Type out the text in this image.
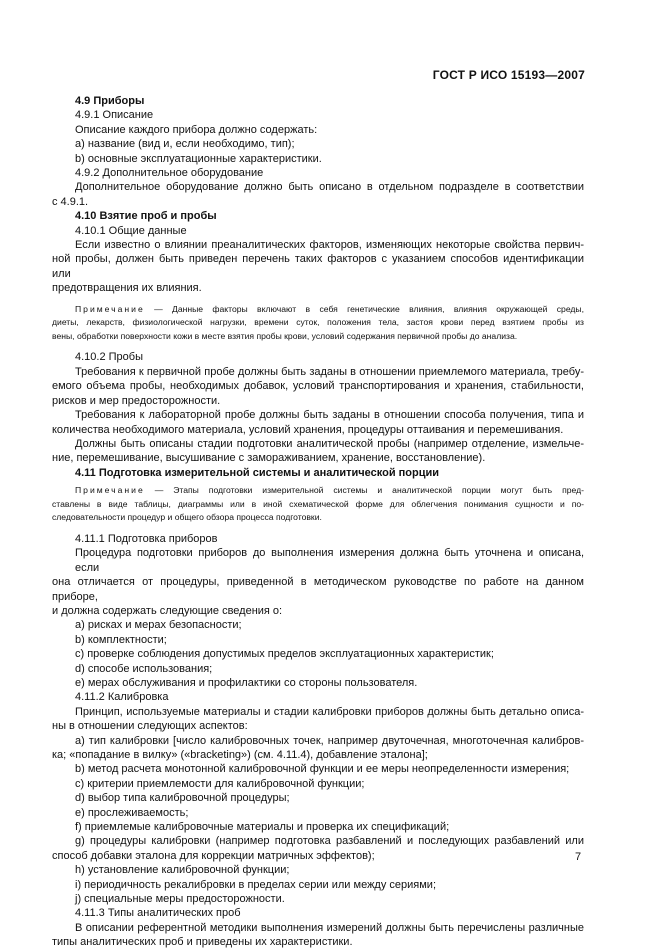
ГОСТ Р ИСО 15193—2007
4.9 Приборы
4.9.1 Описание
Описание каждого прибора должно содержать:
a) название (вид и, если необходимо, тип);
b) основные эксплуатационные характеристики.
4.9.2 Дополнительное оборудование
Дополнительное оборудование должно быть описано в отдельном подразделе в соответствии
с 4.9.1.
4.10 Взятие проб и пробы
4.10.1 Общие данные
Если известно о влиянии преаналитических факторов, изменяющих некоторые свойства первич-
ной пробы, должен быть приведен перечень таких факторов с указанием способов идентификации или
предотвращения их влияния.
Примечание — Данные факторы включают в себя генетические влияния, влияния окружающей среды,
диеты, лекарств, физиологической нагрузки, времени суток, положения тела, застоя крови перед взятием пробы из
вены, обработки поверхности кожи в месте взятия пробы крови, условий содержания первичной пробы до анализа.
4.10.2 Пробы
Требования к первичной пробе должны быть заданы в отношении приемлемого материала, требу-
емого объема пробы, необходимых добавок, условий транспортирования и хранения, стабильности,
рисков и мер предосторожности.
Требования к лабораторной пробе должны быть заданы в отношении способа получения, типа и
количества необходимого материала, условий хранения, процедуры оттаивания и перемешивания.
Должны быть описаны стадии подготовки аналитической пробы (например отделение, измельче-
ние, перемешивание, высушивание с замораживанием, хранение, восстановление).
4.11 Подготовка измерительной системы и аналитической порции
Примечание — Этапы подготовки измерительной системы и аналитической порции могут быть пред-
ставлены в виде таблицы, диаграммы или в иной схематической форме для облегчения понимания сущности и по-
следовательности процедур и общего обзора процесса подготовки.
4.11.1 Подготовка приборов
Процедура подготовки приборов до выполнения измерения должна быть уточнена и описана, если
она отличается от процедуры, приведенной в методическом руководстве по работе на данном приборе,
и должна содержать следующие сведения о:
a) рисках и мерах безопасности;
b) комплектности;
c) проверке соблюдения допустимых пределов эксплуатационных характеристик;
d) способе использования;
e) мерах обслуживания и профилактики со стороны пользователя.
4.11.2 Калибровка
Принцип, используемые материалы и стадии калибровки приборов должны быть детально описа-
ны в отношении следующих аспектов:
a) тип калибровки [число калибровочных точек, например двуточечная, многоточечная калибров-
ка; «попадание в вилку» («bracketing») (см. 4.11.4), добавление эталона];
b) метод расчета монотонной калибровочной функции и ее меры неопределенности измерения;
c) критерии приемлемости для калибровочной функции;
d) выбор типа калибровочной процедуры;
e) прослеживаемость;
f) приемлемые калибровочные материалы и проверка их спецификаций;
g) процедуры калибровки (например подготовка разбавлений и последующих разбавлений или
способ добавки эталона для коррекции матричных эффектов);
h) установление калибровочной функции;
i) периодичность рекалибровки в пределах серии или между сериями;
j) специальные меры предосторожности.
4.11.3 Типы аналитических проб
В описании референтной методики выполнения измерений должны быть перечислены различные
типы аналитических проб и приведены их характеристики.
7
